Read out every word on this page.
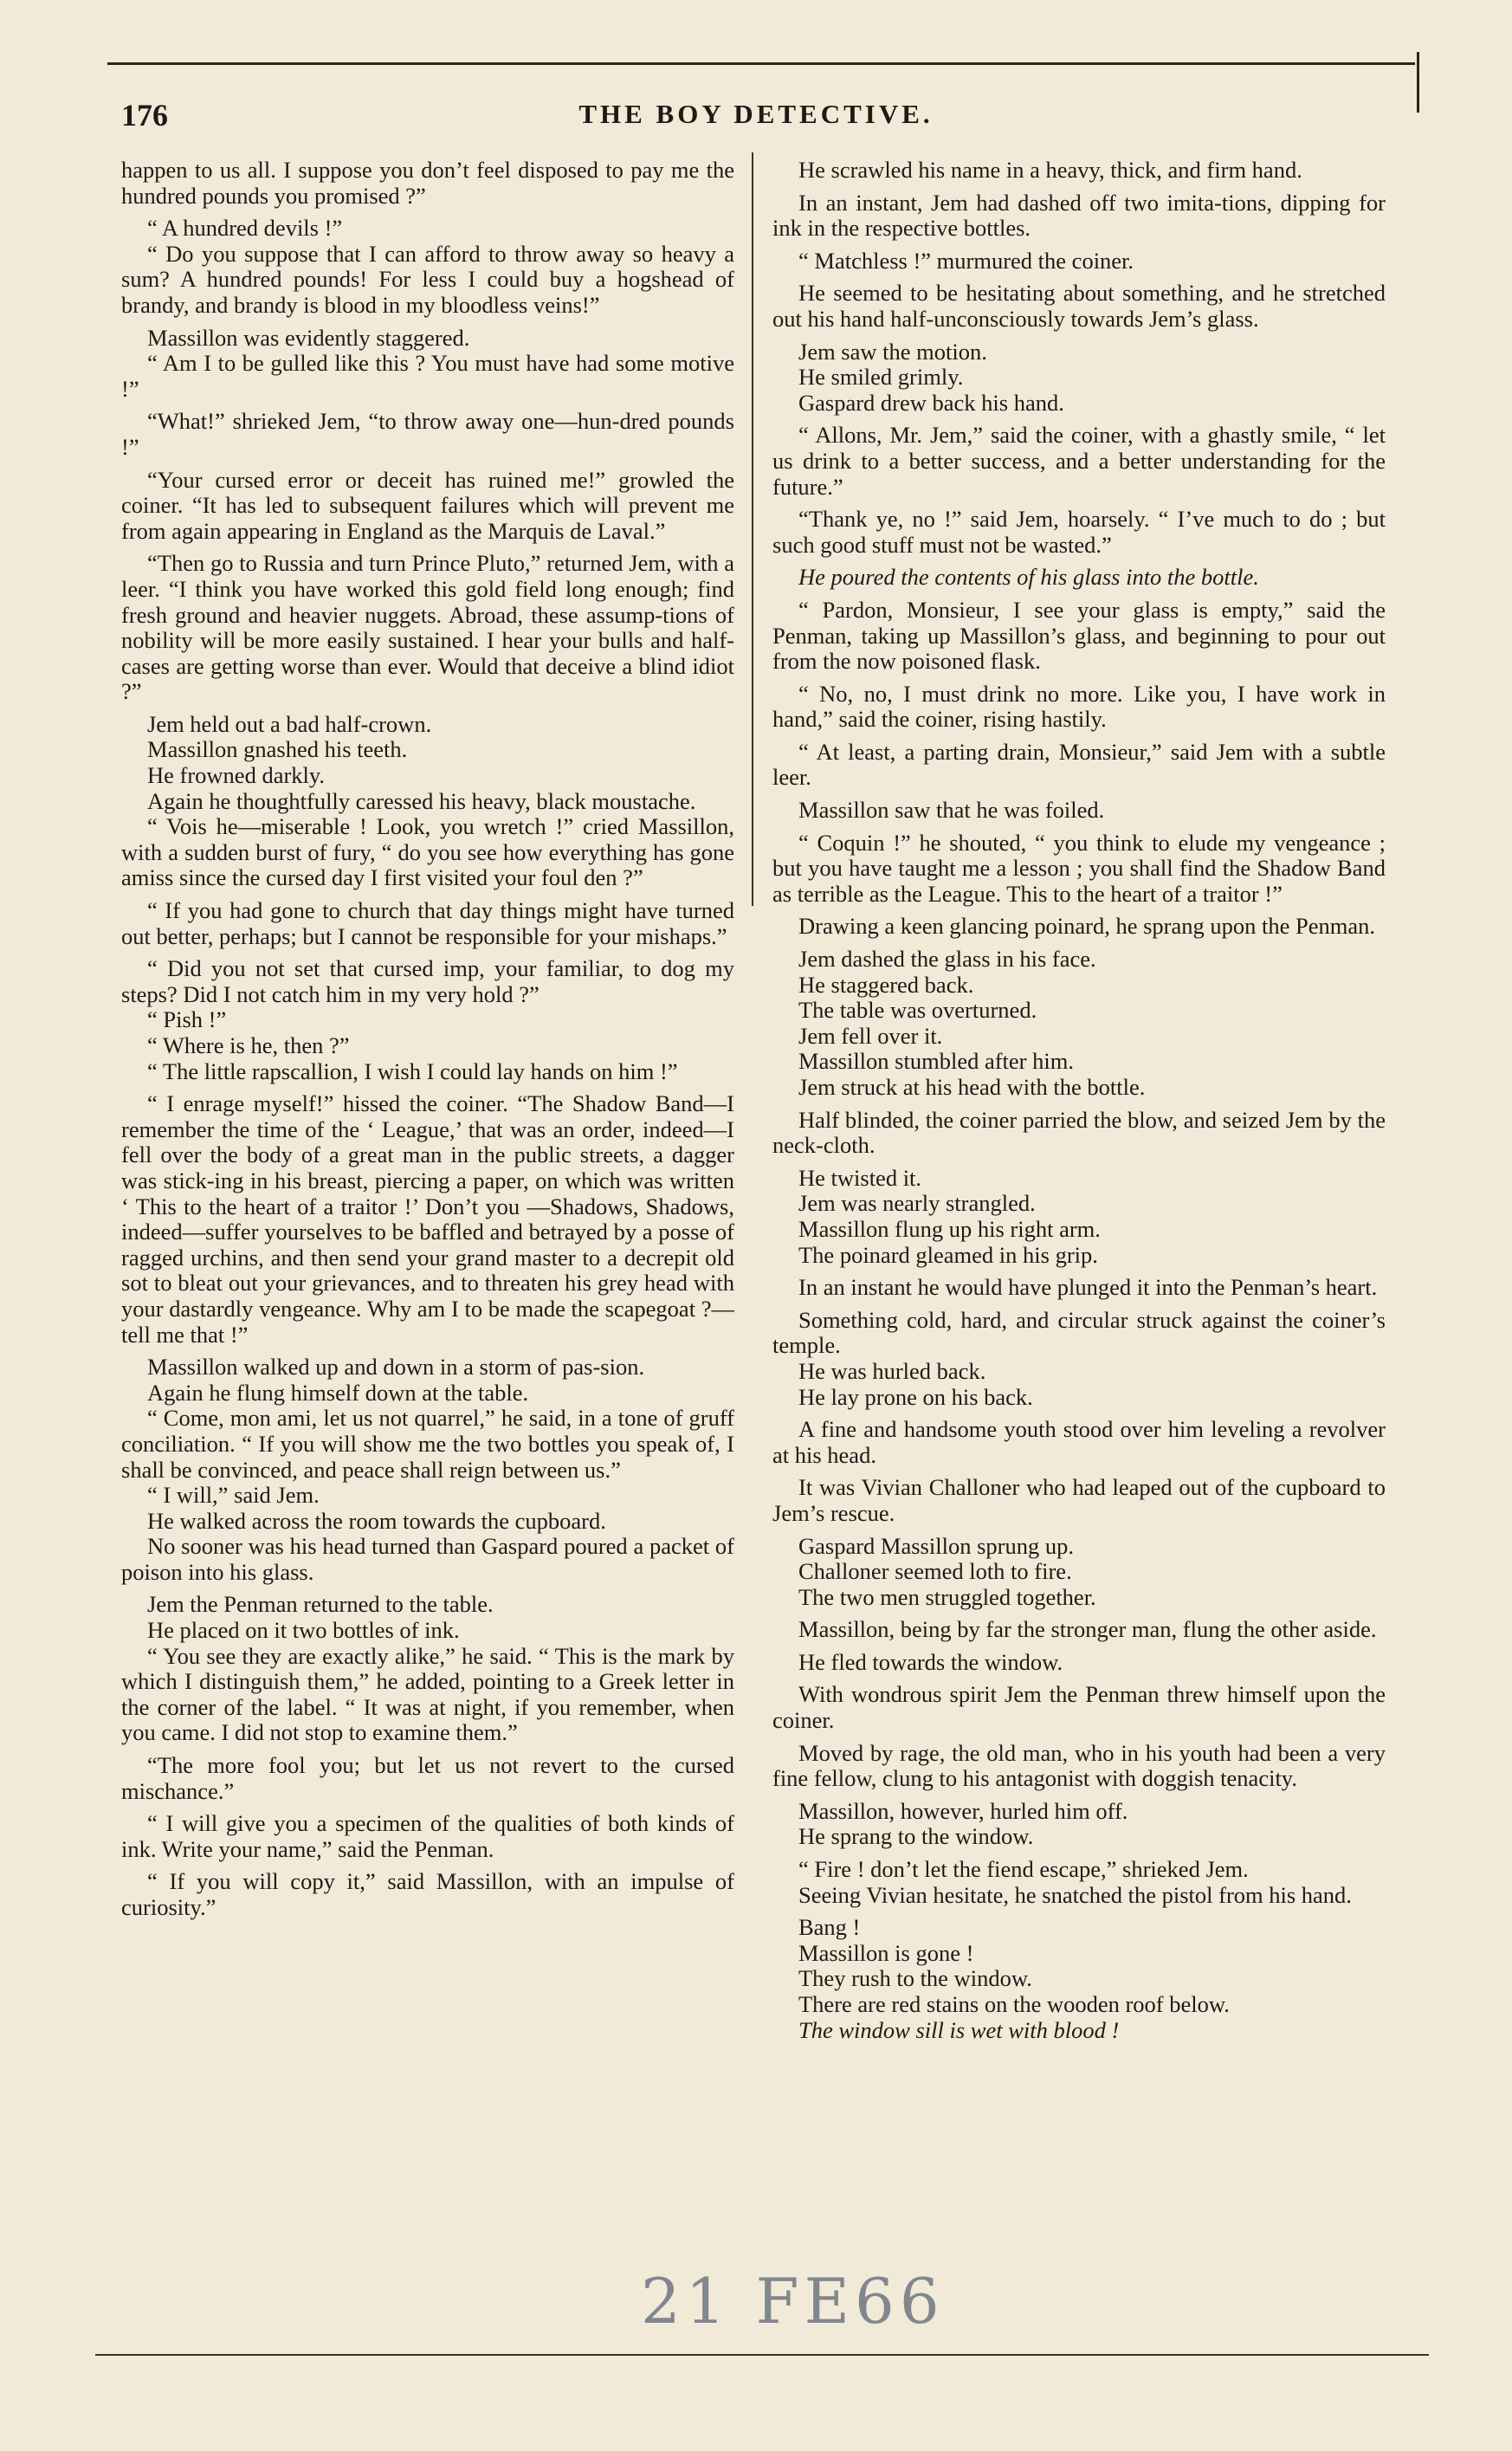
176	THE BOY DETECTIVE.

happen to us all. I suppose you don’t feel disposed to pay me the hundred pounds you promised ?”

“ A hundred devils !”

“ Do you suppose that I can afford to throw away so heavy a sum? A hundred pounds! For less I could buy a hogshead of brandy, and brandy is blood in my bloodless veins!”

Massillon was evidently staggered.

“ Am I to be gulled like this ? You must have had some motive !”

“What!” shrieked Jem, “to throw away one—hun-dred pounds !”

“Your cursed error or deceit has ruined me!” growled the coiner. “It has led to subsequent failures which will prevent me from again appearing in England as the Marquis de Laval.”

“Then go to Russia and turn Prince Pluto,” returned Jem, with a leer. “I think you have worked this gold field long enough; find fresh ground and heavier nuggets. Abroad, these assump-tions of nobility will be more easily sustained. I hear your bulls and half-cases are getting worse than ever. Would that deceive a blind idiot ?”

Jem held out a bad half-crown.

Massillon gnashed his teeth.

He frowned darkly.

Again he thoughtfully caressed his heavy, black moustache.

“ Vois he—miserable ! Look, you wretch !” cried Massillon, with a sudden burst of fury, “ do you see how everything has gone amiss since the cursed day I first visited your foul den ?”

“ If you had gone to church that day things might have turned out better, perhaps; but I cannot be responsible for your mishaps.”

“ Did you not set that cursed imp, your familiar, to dog my steps? Did I not catch him in my very hold ?”

“ Pish !”

“ Where is he, then ?”

“ The little rapscallion, I wish I could lay hands on him !”

“ I enrage myself!” hissed the coiner. “The Shadow Band—I remember the time of the ‘ League,’ that was an order, indeed—I fell over the body of a great man in the public streets, a dagger was stick-ing in his breast, piercing a paper, on which was written ‘ This to the heart of a traitor !’ Don’t you —Shadows, Shadows, indeed—suffer yourselves to be baffled and betrayed by a posse of ragged urchins, and then send your grand master to a decrepit old sot to bleat out your grievances, and to threaten his grey head with your dastardly vengeance. Why am I to be made the scapegoat ?—tell me that !”

Massillon walked up and down in a storm of pas-sion.

Again he flung himself down at the table.

“ Come, mon ami, let us not quarrel,” he said, in a tone of gruff conciliation. “ If you will show me the two bottles you speak of, I shall be convinced, and peace shall reign between us.”

“ I will,” said Jem.

He walked across the room towards the cupboard.

No sooner was his head turned than Gaspard poured a packet of poison into his glass.

Jem the Penman returned to the table.

He placed on it two bottles of ink.

“ You see they are exactly alike,” he said. “ This is the mark by which I distinguish them,” he added, pointing to a Greek letter in the corner of the label. “ It was at night, if you remember, when you came. I did not stop to examine them.”

“The more fool you; but let us not revert to the cursed mischance.”

“ I will give you a specimen of the qualities of both kinds of ink. Write your name,” said the Penman.

“ If you will copy it,” said Massillon, with an impulse of curiosity.”

He scrawled his name in a heavy, thick, and firm hand.

In an instant, Jem had dashed off two imita-tions, dipping for ink in the respective bottles.

“ Matchless !” murmured the coiner.

He seemed to be hesitating about something, and he stretched out his hand half-unconsciously towards Jem’s glass.

Jem saw the motion.

He smiled grimly.

Gaspard drew back his hand.

“ Allons, Mr. Jem,” said the coiner, with a ghastly smile, “ let us drink to a better success, and a better understanding for the future.”

“Thank ye, no !” said Jem, hoarsely. “ I’ve much to do ; but such good stuff must not be wasted.”

He poured the contents of his glass into the bottle.

“ Pardon, Monsieur, I see your glass is empty,” said the Penman, taking up Massillon’s glass, and beginning to pour out from the now poisoned flask.

“ No, no, I must drink no more. Like you, I have work in hand,” said the coiner, rising hastily.

“ At least, a parting drain, Monsieur,” said Jem with a subtle leer.

Massillon saw that he was foiled.

“ Coquin !” he shouted, “ you think to elude my vengeance ; but you have taught me a lesson ; you shall find the Shadow Band as terrible as the League. This to the heart of a traitor !”

Drawing a keen glancing poinard, he sprang upon the Penman.

Jem dashed the glass in his face.

He staggered back.

The table was overturned.

Jem fell over it.

Massillon stumbled after him.

Jem struck at his head with the bottle.

Half blinded, the coiner parried the blow, and seized Jem by the neck-cloth.

He twisted it.

Jem was nearly strangled.

Massillon flung up his right arm.

The poinard gleamed in his grip.

In an instant he would have plunged it into the Penman’s heart.

Something cold, hard, and circular struck against the coiner’s temple.

He was hurled back.

He lay prone on his back.

A fine and handsome youth stood over him leveling a revolver at his head.

It was Vivian Challoner who had leaped out of the cupboard to Jem’s rescue.

Gaspard Massillon sprung up.

Challoner seemed loth to fire.

The two men struggled together.

Massillon, being by far the stronger man, flung the other aside.

He fled towards the window.

With wondrous spirit Jem the Penman threw himself upon the coiner.

Moved by rage, the old man, who in his youth had been a very fine fellow, clung to his antagonist with doggish tenacity.

Massillon, however, hurled him off.

He sprang to the window.

“ Fire ! don’t let the fiend escape,” shrieked Jem.

Seeing Vivian hesitate, he snatched the pistol from his hand.

Bang !

Massillon is gone !

They rush to the window.

There are red stains on the wooden roof below.

The window sill is wet with blood !

21 FE66
